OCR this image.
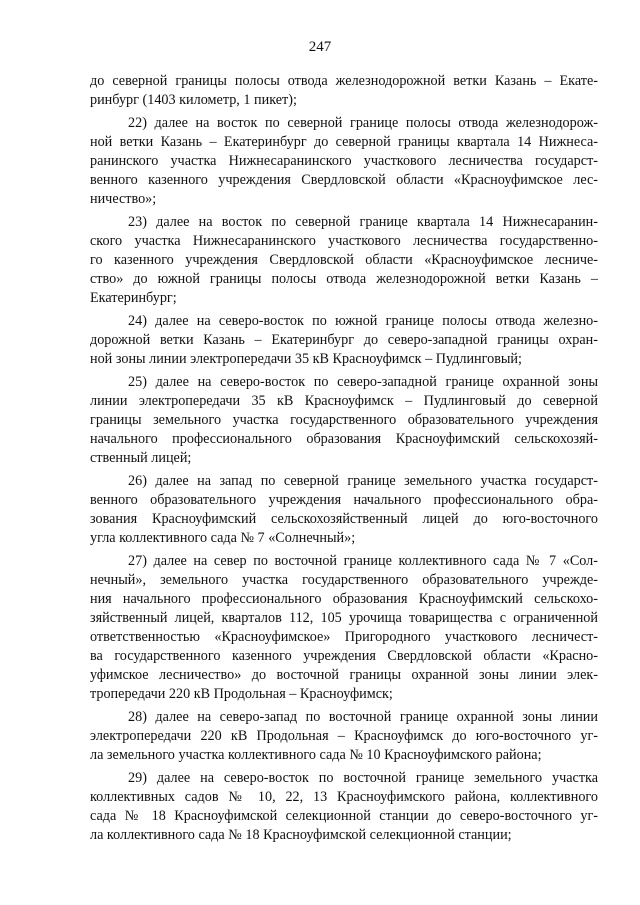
247
до северной границы полосы отвода железнодорожной ветки Казань – Екате-
ринбург (1403 километр, 1 пикет);
22) далее на восток по северной границе полосы отвода железнодорож-
ной ветки Казань – Екатеринбург до северной границы квартала 14 Нижнеса-
ранинского участка Нижнесаранинского участкового лесничества государст-
венного казенного учреждения Свердловской области «Красноуфимское лес-
ничество»;
23) далее на восток по северной границе квартала 14 Нижнесаранин-
ского участка Нижнесаранинского участкового лесничества государственно-
го казенного учреждения Свердловской области «Красноуфимское лесниче-
ство» до южной границы полосы отвода железнодорожной ветки Казань –
Екатеринбург;
24) далее на северо-восток по южной границе полосы отвода железно-
дорожной ветки Казань – Екатеринбург до северо-западной границы охран-
ной зоны линии электропередачи 35 кВ Красноуфимск – Пудлинговый;
25) далее на северо-восток по северо-западной границе охранной зоны
линии электропередачи 35 кВ Красноуфимск – Пудлинговый до северной
границы земельного участка государственного образовательного учреждения
начального профессионального образования Красноуфимский сельскохозяй-
ственный лицей;
26) далее на запад по северной границе земельного участка государст-
венного образовательного учреждения начального профессионального обра-
зования Красноуфимский сельскохозяйственный лицей до юго-восточного
угла коллективного сада № 7 «Солнечный»;
27) далее на север по восточной границе коллективного сада № 7 «Сол-
нечный», земельного участка государственного образовательного учрежде-
ния начального профессионального образования Красноуфимский сельскохо-
зяйственный лицей, кварталов 112, 105 урочища товарищества с ограниченной
ответственностью «Красноуфимское» Пригородного участкового лесничест-
ва государственного казенного учреждения Свердловской области «Красно-
уфимское лесничество» до восточной границы охранной зоны линии элек-
тропередачи 220 кВ Продольная – Красноуфимск;
28) далее на северо-запад по восточной границе охранной зоны линии
электропередачи 220 кВ Продольная – Красноуфимск до юго-восточного уг-
ла земельного участка коллективного сада № 10 Красноуфимского района;
29) далее на северо-восток по восточной границе земельного участка
коллективных садов № 10, 22, 13 Красноуфимского района, коллективного
сада № 18 Красноуфимской селекционной станции до северо-восточного уг-
ла коллективного сада № 18 Красноуфимской селекционной станции;
